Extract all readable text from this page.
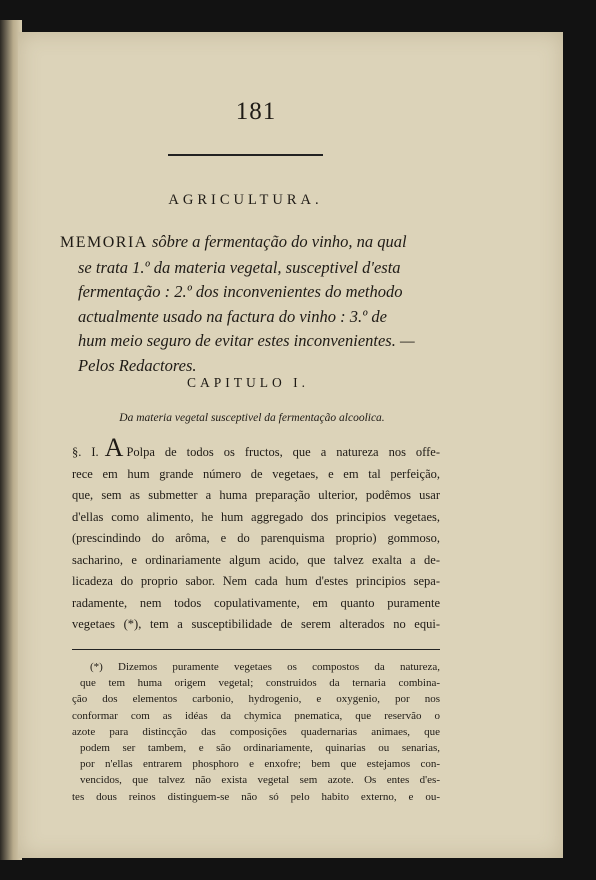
181
AGRICULTURA.
MEMORIA sôbre a fermentação do vinho, na qual
se trata 1.º da materia vegetal, susceptivel d'esta
fermentação : 2.º dos inconvenientes do methodo
actualmente usado na factura do vinho : 3.º de
hum meio seguro de evitar estes inconvenientes. —
Pelos Redactores.
CAPITULO I.
Da materia vegetal susceptivel da fermentação alcoolica.
§. I. A Polpa de todos os fructos, que a natureza nos offe-
rece em hum grande número de vegetaes, e em tal perfeição,
que, sem as submetter a huma preparação ulterior, podêmos usar
d'ellas como alimento, he hum aggregado dos principios vegetaes,
(prescindindo do arôma, e do parenquisma proprio) gommoso,
sacharino, e ordinariamente algum acido, que talvez exalta a de-
licadeza do proprio sabor. Nem cada hum d'estes principios sepa-
radamente, nem todos copulativamente, em quanto puramente
vegetaes (*), tem a susceptibilidade de serem alterados no equi-
(*) Dizemos puramente vegetaes os compostos da natureza,
que tem huma origem vegetal; construidos da ternaria combina-
ção dos elementos carbonio, hydrogenio, e oxygenio, por nos
conformar com as idéas da chymica pnematica, que reservão o
azote para distincção das composições quadernarias animaes, que
podem ser tambem, e são ordinariamente, quinarias ou senarias,
por n'ellas entrarem phosphoro e enxofre; bem que estejamos con-
vencidos, que talvez não exista vegetal sem azote. Os entes d'es-
tes dous reinos distinguem-se não só pelo habito externo, e ou-
